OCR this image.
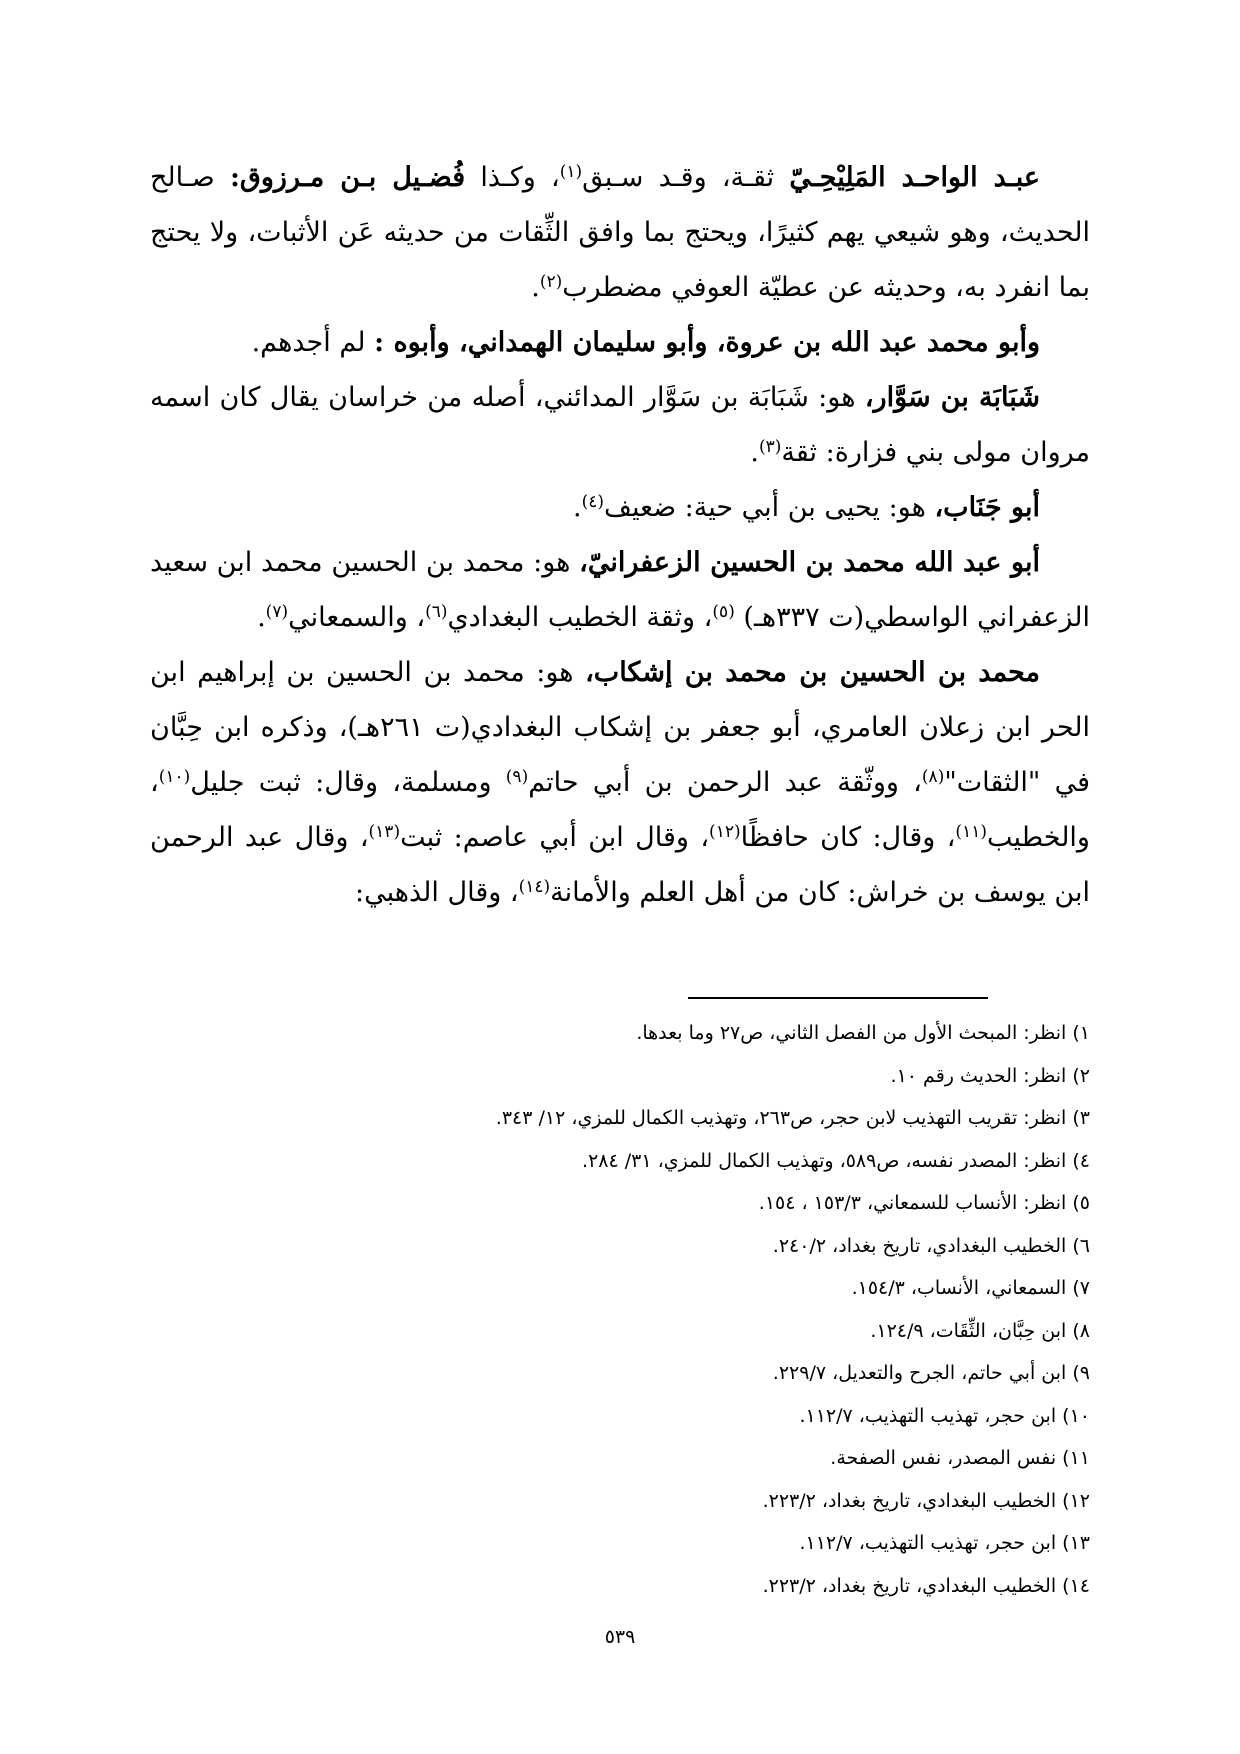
عبـد الواحـد المَلِيْحِـيّ ثقـة، وقـد سـبق$^{(١)}$، وكـذا فُضـيل بـن مـرزوق: صـالح الحديث، وهو شيعي يهم كثيرًا، ويحتج بما وافق الثِّقات من حديثه عَن الأثبات، ولا يحتج بما انفرد به، وحديثه عن عطيّة العوفي مضطرب$^{(٢)}$.

وأبو محمد عبد الله بن عروة، وأبو سليمان الهمداني، وأبوه : لم أجدهم.

شَبَابَة بن سَوَّار، هو: شَبَابَة بن سَوَّار المدائني، أصله من خراسان يقال كان اسمه مروان مولى بني فزارة: ثقة$^{(٣)}$.

أبو جَنَاب، هو: يحيى بن أبي حية: ضعيف$^{(٤)}$.

أبو عبد الله محمد بن الحسين الزعفرانيّ، هو: محمد بن الحسين محمد ابن سعيد الزعفراني الواسطي(ت ٣٣٧هـ) $^{(٥)}$، وثقة الخطيب البغدادي$^{(٦)}$، والسمعاني$^{(٧)}$.

محمد بن الحسين بن محمد بن إشكاب، هو: محمد بن الحسين بن إبراهيم ابن الحر ابن زعلان العامري، أبو جعفر بن إشكاب البغدادي(ت ٢٦١هـ)، وذكره ابن حِبَّان في "الثقات"$^{(٨)}$، ووثّقة عبد الرحمن بن أبي حاتم$^{(٩)}$ ومسلمة، وقال: ثبت جليل$^{(١٠)}$، والخطيب$^{(١١)}$، وقال: كان حافظًا$^{(١٢)}$، وقال ابن أبي عاصم: ثبت$^{(١٣)}$، وقال عبد الرحمن ابن يوسف بن خراش: كان من أهل العلم والأمانة$^{(١٤)}$، وقال الذهبي:

١) انظر: المبحث الأول من الفصل الثاني، ص٢٧ وما بعدها.

٢) انظر: الحديث رقم ١٠.

٣) انظر: تقريب التهذيب لابن حجر، ص٢٦٣، وتهذيب الكمال للمزي، ١٢/ ٣٤٣.

٤) انظر: المصدر نفسه، ص٥٨٩، وتهذيب الكمال للمزي، ٣١/ ٢٨٤.

٥) انظر: الأنساب للسمعاني، ١٥٣/٣ ، ١٥٤.

٦) الخطيب البغدادي، تاريخ بغداد، ٢٤٠/٢.

٧) السمعاني، الأنساب، ١٥٤/٣.

٨) ابن حِبَّان، الثِّقَات، ١٢٤/٩.

٩) ابن أبي حاتم، الجرح والتعديل، ٢٢٩/٧.

١٠) ابن حجر، تهذيب التهذيب، ١١٢/٧.

١١) نفس المصدر، نفس الصفحة.

١٢) الخطيب البغدادي، تاريخ بغداد، ٢٢٣/٢.

١٣) ابن حجر، تهذيب التهذيب، ١١٢/٧.

١٤) الخطيب البغدادي، تاريخ بغداد، ٢٢٣/٢.

٥٣٩
